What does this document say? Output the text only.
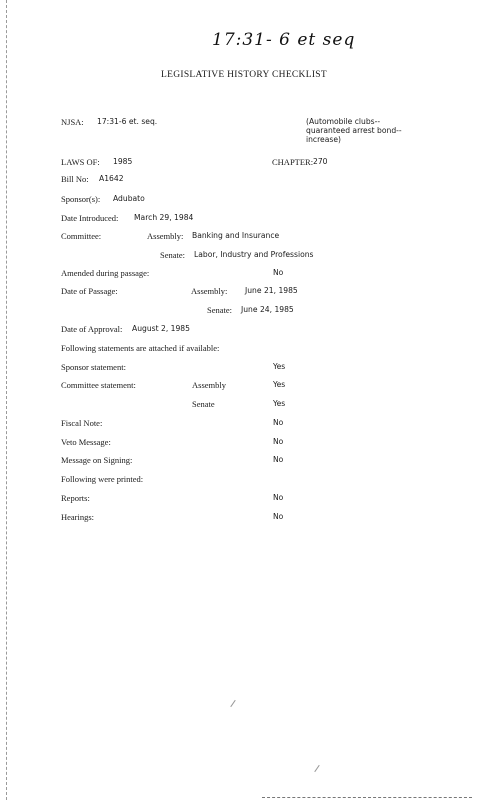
17:31- 6 et seq
LEGISLATIVE HISTORY CHECKLIST
NJSA: 17:31-6 et. seq.	(Automobile clubs--quaranteed arrest bond--increase)
LAWS OF: 1985	CHAPTER: 270
Bill No: A1642
Sponsor(s): Adubato
Date Introduced: March 29, 1984
Committee:	Assembly: Banking and Insurance
Senate: Labor, Industry and Professions
Amended during passage:	No
Date of Passage:	Assembly: June 21, 1985
Senate: June 24, 1985
Date of Approval: August 2, 1985
Following statements are attached if available:
Sponsor statement:	Yes
Committee statement:	Assembly	Yes
Senate	Yes
Fiscal Note:	No
Veto Message:	No
Message on Signing:	No
Following were printed:
Reports:	No
Hearings:	No
